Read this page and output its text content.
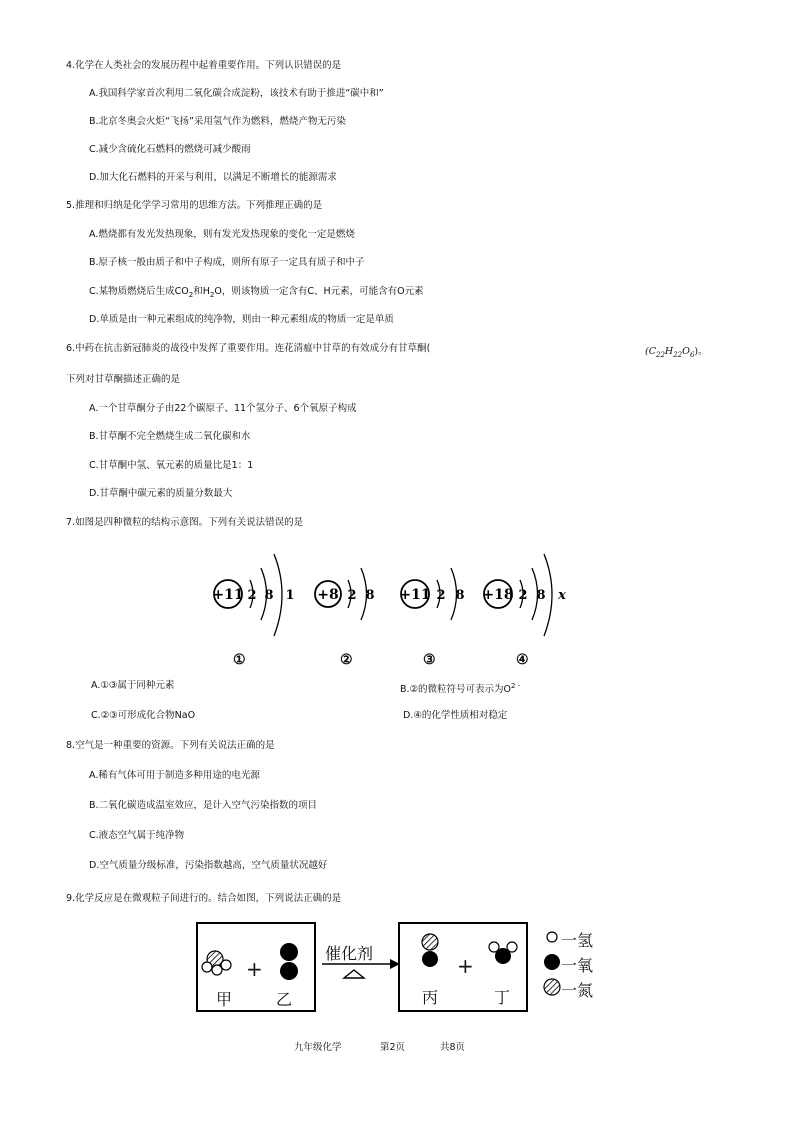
4.化学在人类社会的发展历程中起着重要作用。下列认识错误的是
A.我国科学家首次利用二氧化碳合成淀粉，该技术有助于推进“碳中和”
B.北京冬奥会火炬“飞扬”采用氢气作为燃料，燃烧产物无污染
C.减少含硫化石燃料的燃烧可减少酸雨
D.加大化石燃料的开采与利用，以满足不断增长的能源需求
5.推理和归纳是化学学习常用的思维方法。下列推理正确的是
A.燃烧都有发光发热现象，则有发光发热现象的变化一定是燃烧
B.原子核一般由质子和中子构成，则所有原子一定具有质子和中子
C.某物质燃烧后生成$CO_2$和$H_2O$，则该物质一定含有C、H元素，可能含有O元素
D.单质是由一种元素组成的纯净物，则由一种元素组成的物质一定是单质
6.中药在抗击新冠肺炎的战役中发挥了重要作用。连花清瘟中甘草的有效成分有甘草酮(	$(C_{22}H_{22}O_6)$。
下列对甘草酮描述正确的是
A.一个甘草酮分子由22个碳原子、11个氢分子、6个氧原子构成
B.甘草酮不完全燃烧生成二氧化碳和水
C.甘草酮中氢、氧元素的质量比是1：1
D.甘草酮中碳元素的质量分数最大
7.如图是四种微粒的结构示意图。下列有关说法错误的是
+11 2 8 1
①
+8 2 8
②
+11 2 8
③
+18 2 8 x
④
A.①③属于同种元素	B.②的微粒符号可表示为$O^{2 -}$
C.②③可形成化合物NaO	D.④的化学性质相对稳定
8.空气是一种重要的资源。下列有关说法正确的是
A.稀有气体可用于制造多种用途的电光源
B.二氧化碳造成温室效应，是计入空气污染指数的项目
C.液态空气属于纯净物
D.空气质量分级标准，污染指数越高，空气质量状况越好
9.化学反应是在微观粒子间进行的。结合如图，下列说法正确的是
+
甲	乙
催化剂
+
丙	丁
一氢
一氧
一氮
九年级化学	第2页	共8页
